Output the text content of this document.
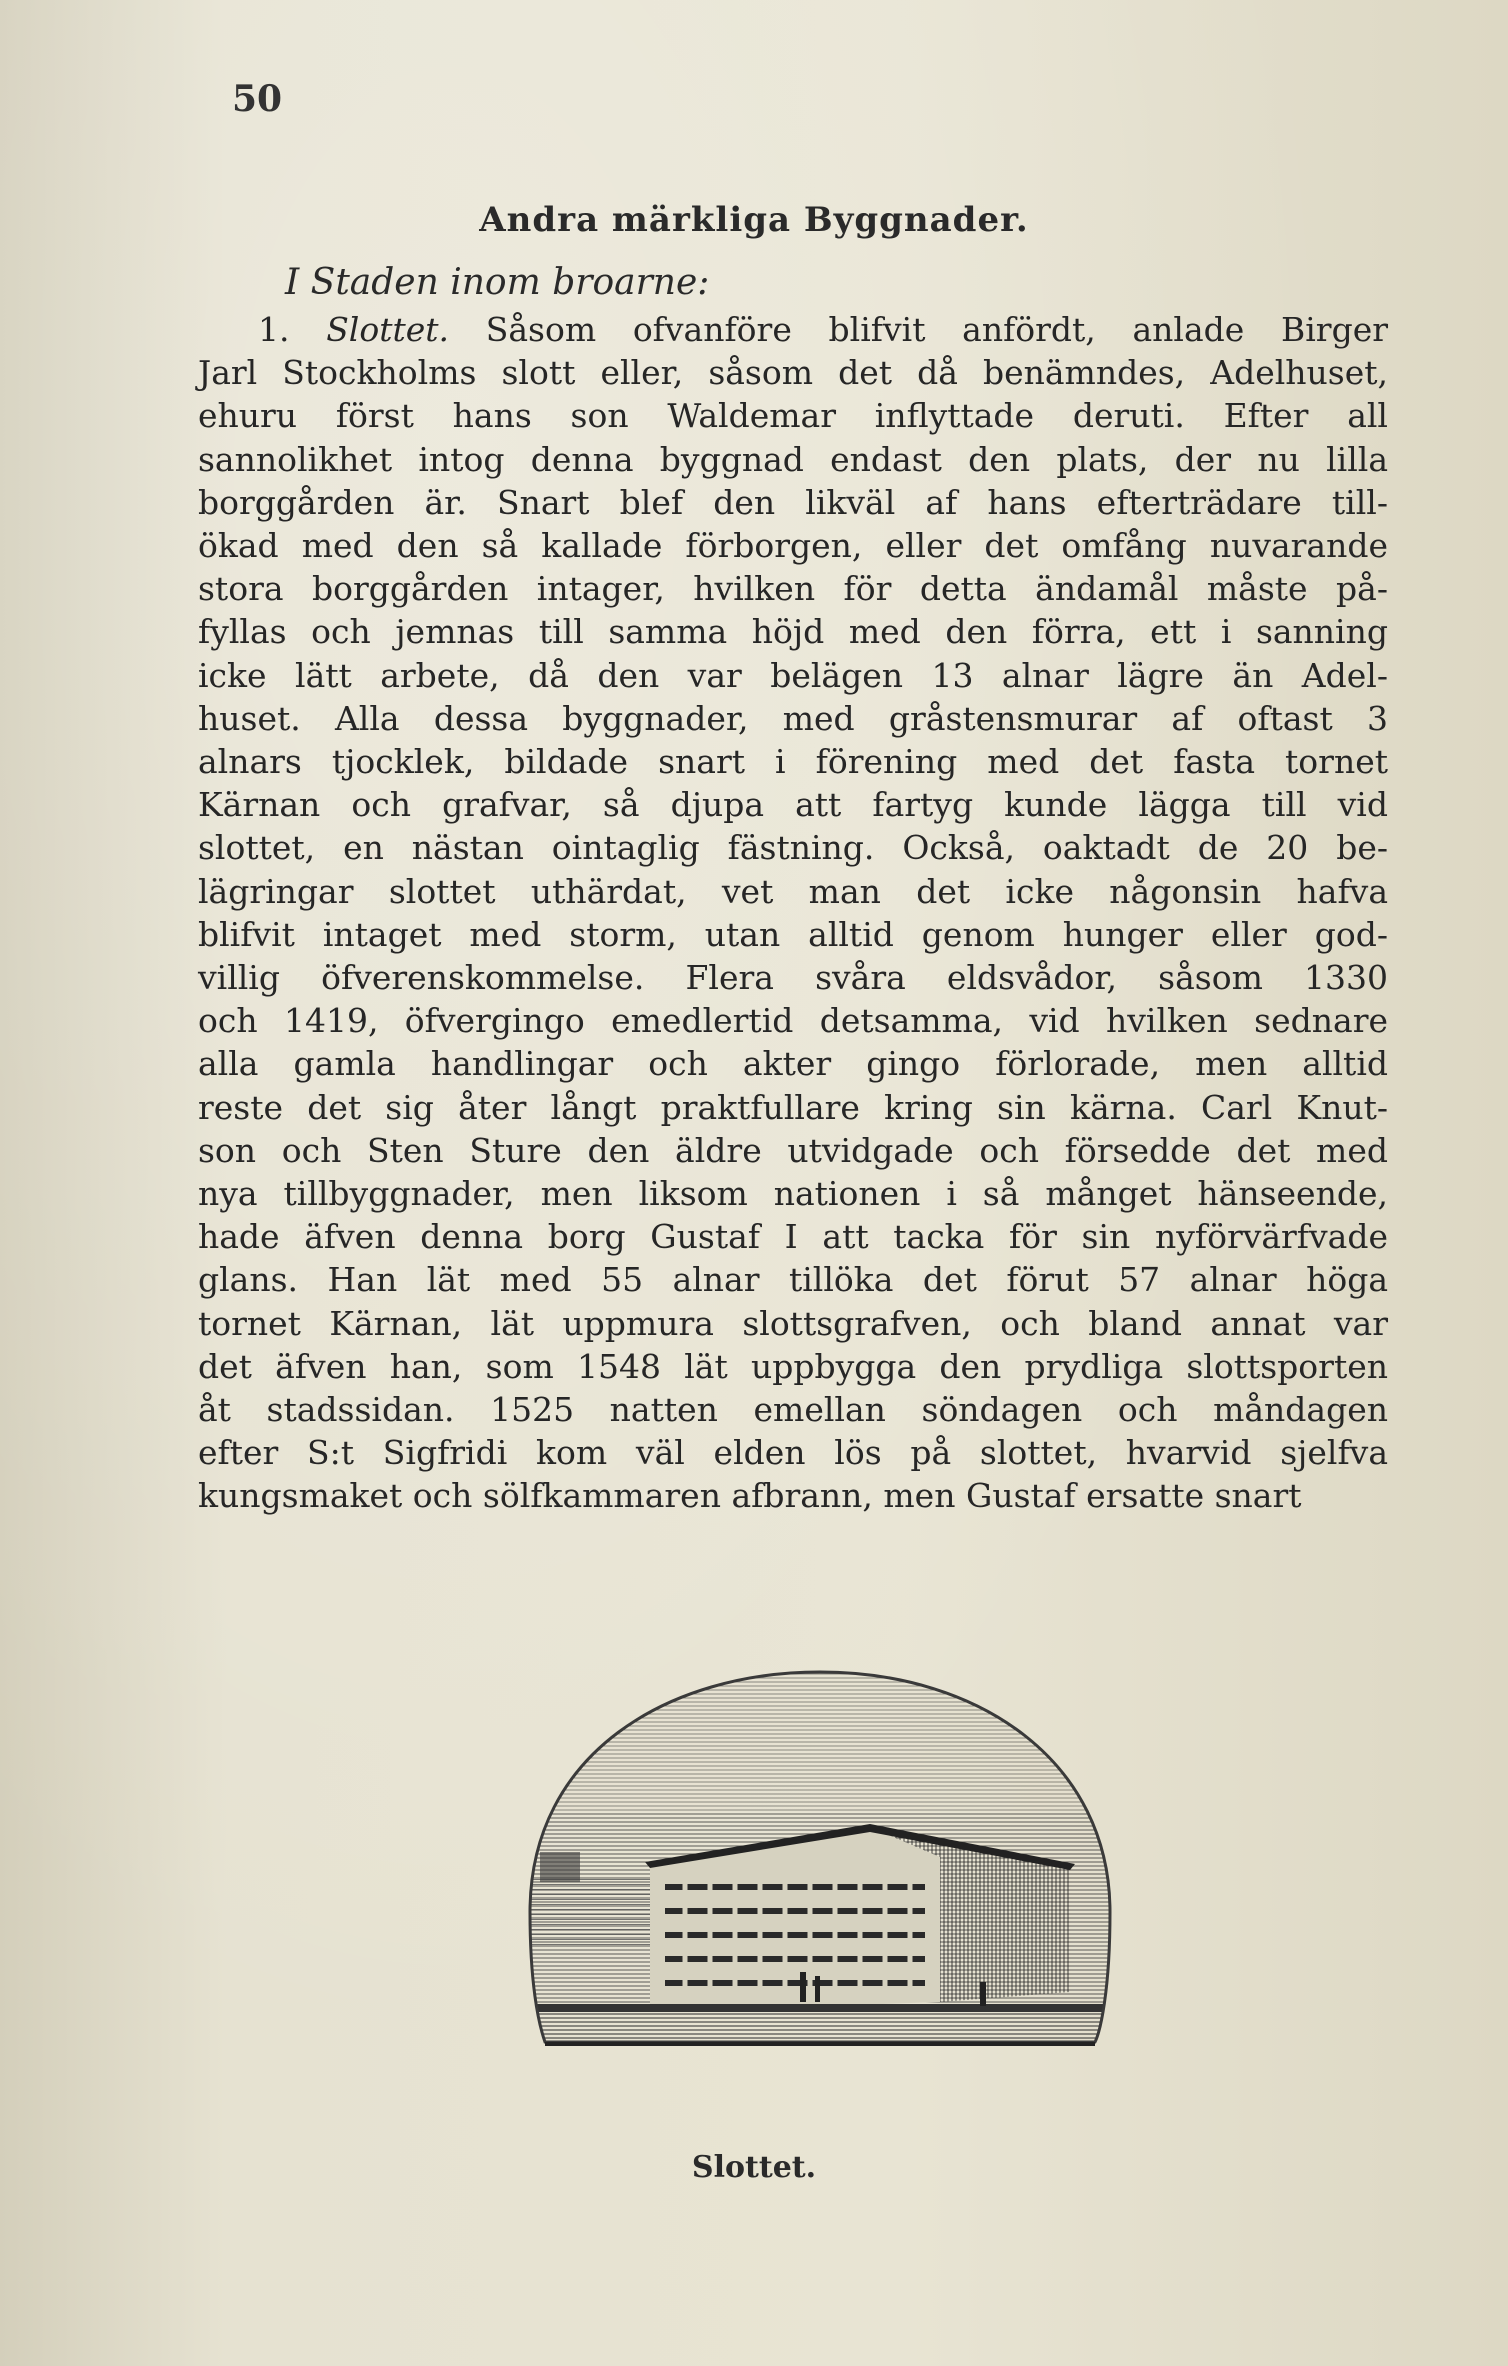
50
Andra märkliga Byggnader.
I Staden inom broarne:
1. Slottet. Såsom ofvanföre blifvit anfördt, anlade Birger
Jarl Stockholms slott eller, såsom det då benämndes, Adelhuset,
ehuru först hans son Waldemar inflyttade deruti. Efter all
sannolikhet intog denna byggnad endast den plats, der nu lilla
borggården är. Snart blef den likväl af hans efterträdare till-
ökad med den så kallade förborgen, eller det omfång nuvarande
stora borggården intager, hvilken för detta ändamål måste på-
fyllas och jemnas till samma höjd med den förra, ett i sanning
icke lätt arbete, då den var belägen 13 alnar lägre än Adel-
huset. Alla dessa byggnader, med gråstensmurar af oftast 3
alnars tjocklek, bildade snart i förening med det fasta tornet
Kärnan och grafvar, så djupa att fartyg kunde lägga till vid
slottet, en nästan ointaglig fästning. Också, oaktadt de 20 be-
lägringar slottet uthärdat, vet man det icke någonsin hafva
blifvit intaget med storm, utan alltid genom hunger eller god-
villig öfverenskommelse. Flera svåra eldsvådor, såsom 1330
och 1419, öfvergingo emedlertid detsamma, vid hvilken sednare
alla gamla handlingar och akter gingo förlorade, men alltid
reste det sig åter långt praktfullare kring sin kärna. Carl Knut-
son och Sten Sture den äldre utvidgade och försedde det med
nya tillbyggnader, men liksom nationen i så månget hänseende,
hade äfven denna borg Gustaf I att tacka för sin nyförvärfvade
glans. Han lät med 55 alnar tillöka det förut 57 alnar höga
tornet Kärnan, lät uppmura slottsgrafven, och bland annat var
det äfven han, som 1548 lät uppbygga den prydliga slottsporten
åt stadssidan. 1525 natten emellan söndagen och måndagen
efter S:t Sigfridi kom väl elden lös på slottet, hvarvid sjelfva
kungsmaket och sölfkammaren afbrann, men Gustaf ersatte snart
Slottet.
